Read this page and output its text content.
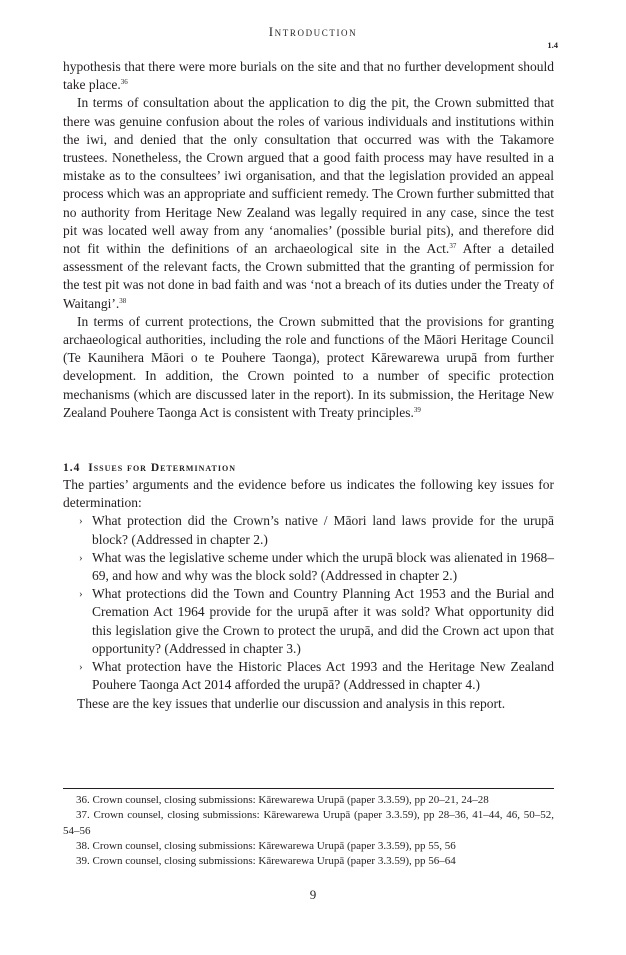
Introduction
1.4

hypothesis that there were more burials on the site and that no further development should take place.$^{36}$

In terms of consultation about the application to dig the pit, the Crown submitted that there was genuine confusion about the roles of various individuals and institutions within the iwi, and denied that the only consultation that occurred was with the Takamore trustees. Nonetheless, the Crown argued that a good faith process may have resulted in a mistake as to the consultees’ iwi organisation, and that the legislation provided an appeal process which was an appropriate and sufficient remedy. The Crown further submitted that no authority from Heritage New Zealand was legally required in any case, since the test pit was located well away from any ‘anomalies’ (possible burial pits), and therefore did not fit within the definitions of an archaeological site in the Act.$^{37}$ After a detailed assessment of the relevant facts, the Crown submitted that the granting of permission for the test pit was not done in bad faith and was ‘not a breach of its duties under the Treaty of Waitangi’.$^{38}$

In terms of current protections, the Crown submitted that the provisions for granting archaeological authorities, including the role and functions of the Māori Heritage Council (Te Kaunihera Māori o te Pouhere Taonga), protect Kārewarewa urupā from further development. In addition, the Crown pointed to a number of specific protection mechanisms (which are discussed later in the report). In its submission, the Heritage New Zealand Pouhere Taonga Act is consistent with Treaty principles.$^{39}$

1.4 Issues for Determination

The parties’ arguments and the evidence before us indicates the following key issues for determination:

› What protection did the Crown’s native / Māori land laws provide for the urupā block? (Addressed in chapter 2.)
› What was the legislative scheme under which the urupā block was alienated in 1968–69, and how and why was the block sold? (Addressed in chapter 2.)
› What protections did the Town and Country Planning Act 1953 and the Burial and Cremation Act 1964 provide for the urupā after it was sold? What opportunity did this legislation give the Crown to protect the urupā, and did the Crown act upon that opportunity? (Addressed in chapter 3.)
› What protection have the Historic Places Act 1993 and the Heritage New Zealand Pouhere Taonga Act 2014 afforded the urupā? (Addressed in chapter 4.)

These are the key issues that underlie our discussion and analysis in this report.

36. Crown counsel, closing submissions: Kārewarewa Urupā (paper 3.3.59), pp 20–21, 24–28
37. Crown counsel, closing submissions: Kārewarewa Urupā (paper 3.3.59), pp 28–36, 41–44, 46, 50–52, 54–56
38. Crown counsel, closing submissions: Kārewarewa Urupā (paper 3.3.59), pp 55, 56
39. Crown counsel, closing submissions: Kārewarewa Urupā (paper 3.3.59), pp 56–64
9
